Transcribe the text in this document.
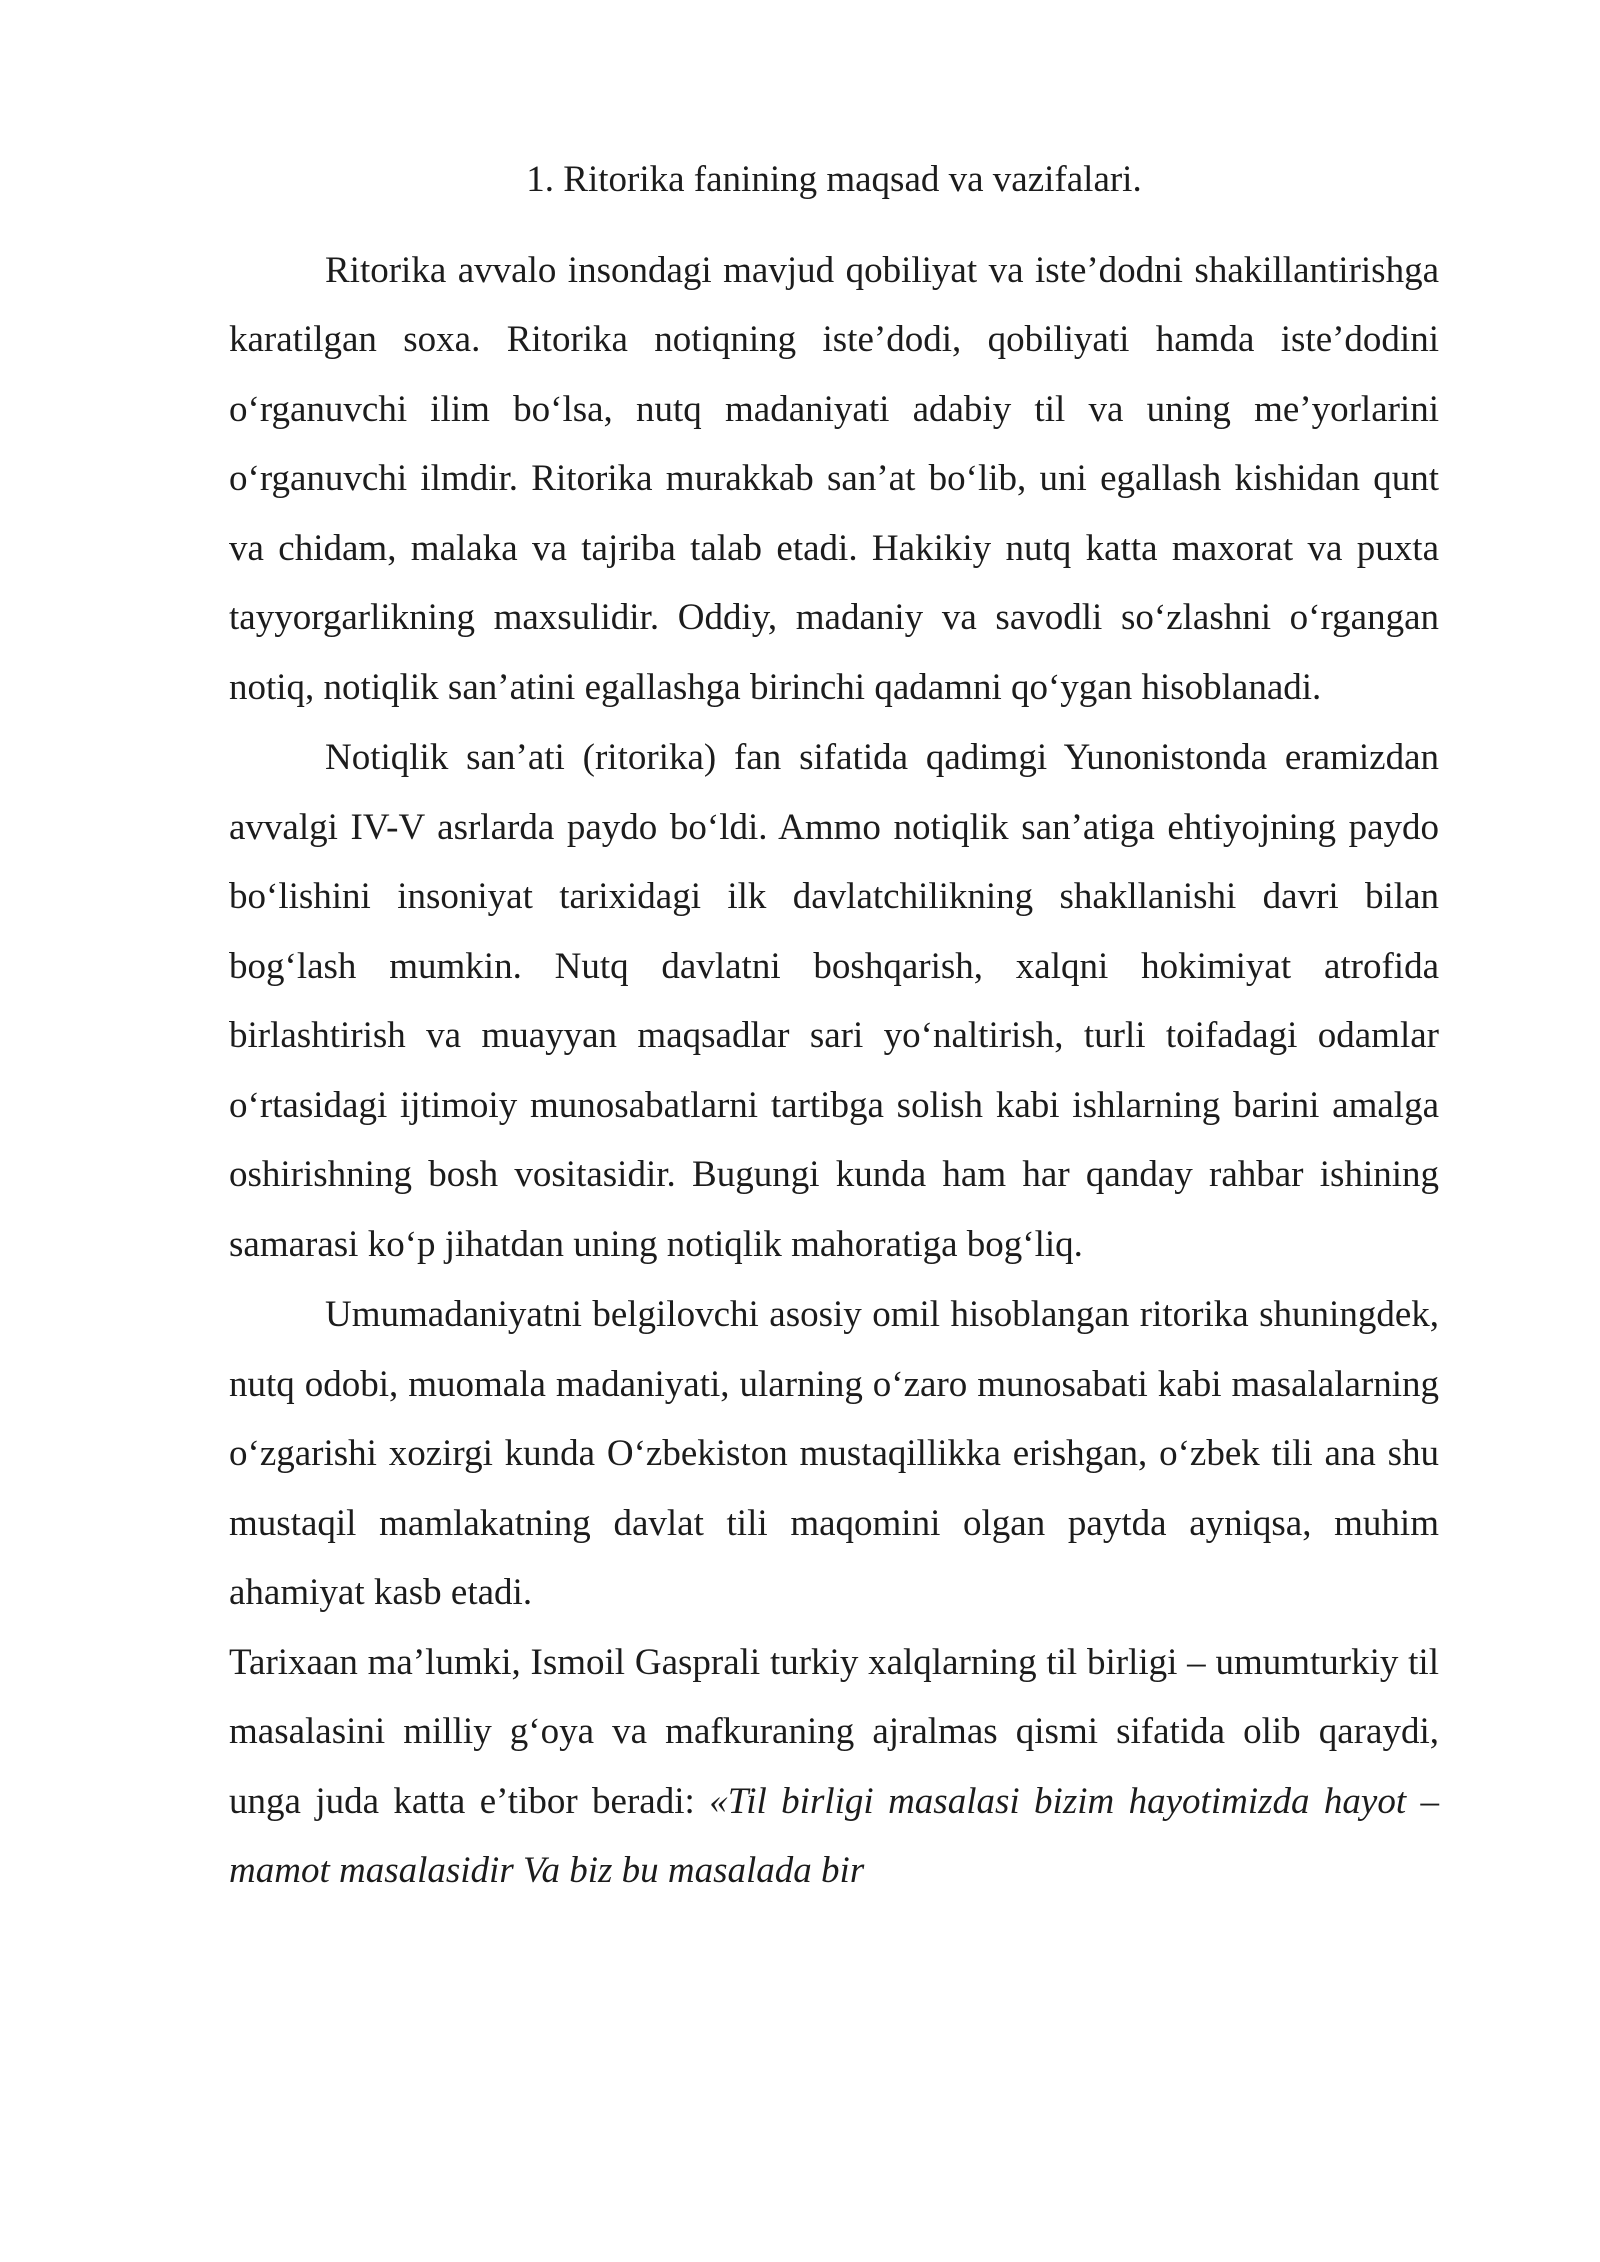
1. Ritorika fanining maqsad va vazifalari.

Ritorika avvalo insondagi mavjud qobiliyat va iste’dodni shakillantirishga karatilgan soxa. Ritorika notiqning iste’dodi, qobiliyati hamda iste’dodini o‘rganuvchi ilim bo‘lsa, nutq madaniyati adabiy til va uning me’yorlarini o‘rganuvchi ilmdir. Ritorika murakkab san’at bo‘lib, uni egallash kishidan qunt va chidam, malaka va tajriba talab etadi. Hakikiy nutq katta maxorat va puxta tayyorgarlikning maxsulidir. Oddiy, madaniy va savodli so‘zlashni o‘rgangan notiq, notiqlik san’atini egallashga birinchi qadamni qo‘ygan hisoblanadi.

Notiqlik san’ati (ritorika) fan sifatida qadimgi Yunonistonda eramizdan avvalgi IV-V asrlarda paydo bo‘ldi. Ammo notiqlik san’atiga ehtiyojning paydo bo‘lishini insoniyat tarixidagi ilk davlatchilikning shakllanishi davri bilan bog‘lash mumkin. Nutq davlatni boshqarish, xalqni hokimiyat atrofida birlashtirish va muayyan maqsadlar sari yo‘naltirish, turli toifadagi odamlar o‘rtasidagi ijtimoiy munosabatlarni tartibga solish kabi ishlarning barini amalga oshirishning bosh vositasidir. Bugungi kunda ham har qanday rahbar ishining samarasi ko‘p jihatdan uning notiqlik mahoratiga bog‘liq.

Umumadaniyatni belgilovchi asosiy omil hisoblangan ritorika shuningdek, nutq odobi, muomala madaniyati, ularning o‘zaro munosabati kabi masalalarning o‘zgarishi xozirgi kunda O‘zbekiston mustaqillikka erishgan, o‘zbek tili ana shu mustaqil mamlakatning davlat tili maqomini olgan paytda ayniqsa, muhim ahamiyat kasb etadi.

Tarixaan ma’lumki, Ismoil Gasprali turkiy xalqlarning til birligi – umumturkiy til masalasini milliy g‘oya va mafkuraning ajralmas qismi sifatida olib qaraydi, unga juda katta e’tibor beradi: «Til birligi masalasi bizim hayotimizda hayot – mamot masalasidir Va biz bu masalada bir
